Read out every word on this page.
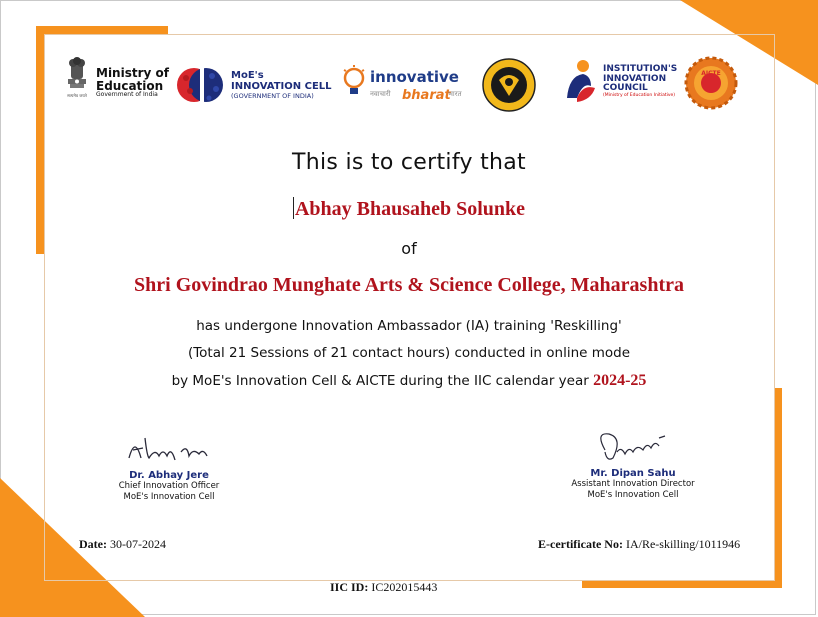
सत्यमेव जयते
Ministry of
Education
Government of India
MoE's
INNOVATION CELL
(GOVERNMENT OF INDIA)
innovative
नवाचारी bharat
भारत
INSTITUTION'S
INNOVATION
COUNCIL
(Ministry of Education Initiative)
AICTE
This is to certify that
Abhay Bhausaheb Solunke
of
Shri Govindrao Munghate Arts & Science College, Maharashtra
has undergone Innovation Ambassador (IA) training 'Reskilling'
(Total 21 Sessions of 21 contact hours) conducted in online mode
by MoE's Innovation Cell & AICTE during the IIC calendar year 2024-25
Dr. Abhay Jere
Chief Innovation Officer
MoE's Innovation Cell
Mr. Dipan Sahu
Assistant Innovation Director
MoE's Innovation Cell
Date: 30-07-2024	E-certificate No: IA/Re-skilling/1011946
IIC ID: IC202015443
